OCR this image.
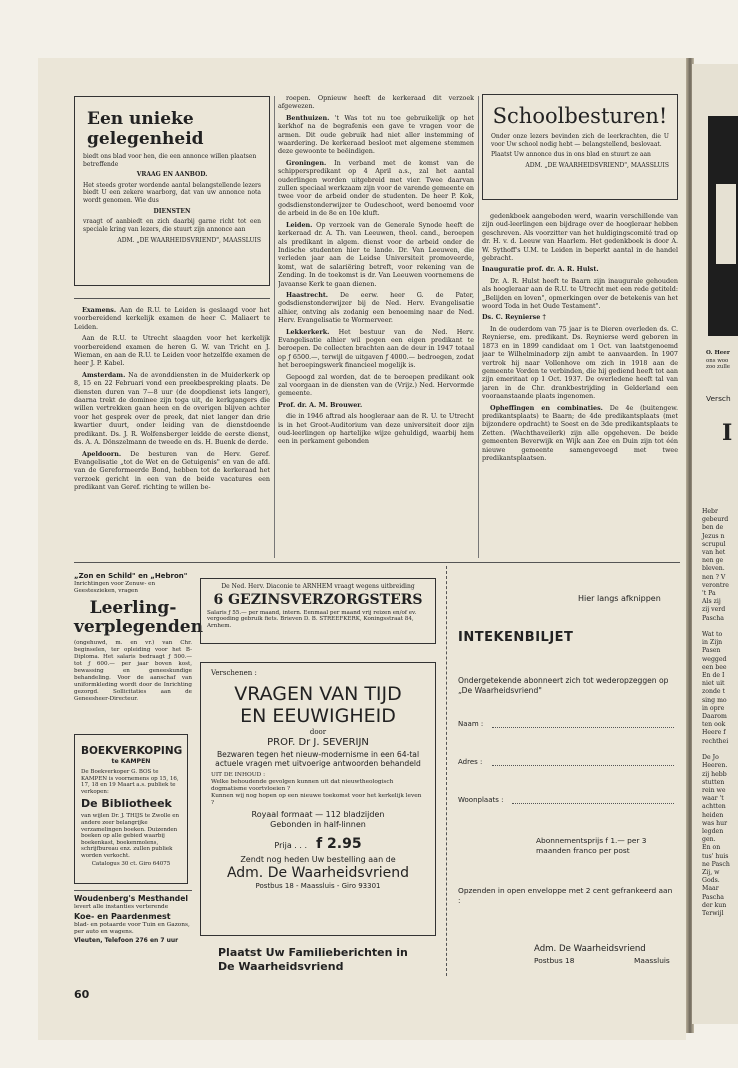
Een unieke gelegenheid
biedt ons blad voor hen, die een annonce willen plaatsen betreffende
VRAAG EN AANBOD.
Het steeds groter wordende aantal belangstellende lezers biedt U een zekere waarborg, dat van uw annonce nota wordt genomen. Wie dus
DIENSTEN
vraagt of aanbiedt en zich daarbij garne richt tot een speciale kring van lezers, die stuurt zijn annonce aan
ADM. „DE WAARHEIDSVRIEND", MAASSLUIS

Examens. Aan de R.U. te Leiden is geslaagd voor het voorbereidend kerkelijk examen de heer C. Maliaert te Leiden.

Aan de R.U. te Utrecht slaagden voor het kerkelijk voorbereidend examen de heren G. W. van Tricht en J. Wieman, en aan de R.U. te Leiden voor hetzelfde examen de heer J. P. Kabel.

Amsterdam. Na de avonddiensten in de Muiderkerk op 8, 15 en 22 Februari vond een preekbespreking plaats. De diensten duren van 7—8 uur (de doopdienst iets langer), daarna trekt de dominee zijn toga uit, de kerkgangers die willen vertrekken gaan heen en de overigen blijven achter voor het gesprek over de preek, dat niet langer dan drie kwartier duurt, onder leiding van de dienstdoende predikant. Ds. J. R. Wolfensberger leidde de eerste dienst, ds. A. A. Dönszelmann de tweede en ds. H. Buenk de derde.

Apeldoorn. De besturen van de Herv. Geref. Evangelisatie „tot de Wet en de Getuigenis" en van de afd. van de Gereformeerde Bond, hebben tot de kerkeraad het verzoek gericht in een van de beide vacatures een predikant van Geref. richting te willen be-

roepen. Opnieuw heeft de kerkeraad dit verzoek afgewezen.

Benthuizen. 't Was tot nu toe gebruikelijk op het kerkhof na de begrafenis een gave te vragen voor de armen. Dit oude gebruik had niet aller instemming of waardering. De kerkeraad besloot met algemene stemmen deze gewoonte te beëindigen.

Groningen. In verband met de komst van de schipperspredikant op 4 April a.s., zal het aantal ouderlingen worden uitgebreid met vier. Twee daarvan zullen speciaal werkzaam zijn voor de varende gemeente en twee voor de arbeid onder de studenten. De heer P. Kok, godsdienstonderwijzer te Oudeschoot, werd benoemd voor de arbeid in de 8e en 10e kluft.

Leiden. Op verzoek van de Generale Synode heeft de kerkeraad dr. A. Th. van Leeuwen, theol. cand., beroepen als predikant in algem. dienst voor de arbeid onder de Indische studenten hier te lande. Dr. Van Leeuwen, die verleden jaar aan de Leidse Universiteit promoveerde, komt, wat de salariëring betreft, voor rekening van de Zending. In de toekomst is dr. Van Leeuwen voornemens de Javaanse Kerk te gaan dienen.

Haastrecht. De eerw. heer G. de Pater, godsdienstonderwijzer bij de Ned. Herv. Evangelisatie alhier, ontving als zodanig een benoeming naar de Ned. Herv. Evangelisatie te Wormerveer.

Lekkerkerk. Het bestuur van de Ned. Herv. Evangelisatie alhier wil pogen een eigen predikant te beroepen. De collecten brachten aan de deur in 1947 totaal op ƒ 6500.—, terwijl de uitgaven ƒ 4000.— bedroegen, zodat het beroepingswerk financieel mogelijk is.

Gepoogd zal worden, dat de te beroepen predikant ook zal voorgaan in de diensten van de (Vrijz.) Ned. Hervormde gemeente.

Prof. dr. A. M. Brouwer.

die in 1946 aftrad als hoogleraar aan de R. U. te Utrecht is in het Groot-Auditorium van deze universiteit door zijn oud-leerlingen op hartelijke wijze gehuldigd, waarbij hem een in perkament gebonden

Schoolbesturen!
Onder onze lezers bevinden zich de leerkrachten, die U voor Uw school nodig hebt — belangstellend, beslovaat.
Plaatst Uw annonce dus in ons blad en stuurt ze aan
ADM. „DE WAARHEIDSVRIEND", MAASSLUIS

gedenkboek aangeboden werd, waarin verschillende van zijn oud-leerlingen een bijdrage over de hoogleraar hebben geschreven. Als voorzitter van het huldigingscomité trad op dr. H. v. d. Leeuw van Haarlem. Het gedenkboek is door A. W. Sythoff's U.M. te Leiden in beperkt aantal in de handel gebracht.

Inauguratie prof. dr. A. R. Hulst.

Dr. A. R. Hulst heeft te Baarn zijn inaugurale gehouden als hoogleraar aan de R.U. te Utrecht met een rede getiteld: „Belijden en loven", opmerkingen over de betekenis van het woord Toda in het Oude Testament".

Ds. C. Reynierse †

In de ouderdom van 75 jaar is te Dieren overleden ds. C. Reynierse, em. predikant. Ds. Reynierse werd geboren in 1873 en in 1899 candidaat om 1 Oct. van laatstgenoemd jaar te Wilhelminadorp zijn ambt te aanvaarden. In 1907 vertrok hij naar Vollenhove om zich in 1918 aan de gemeente Vorden te verbinden, die hij gediend heeft tot aan zijn emeritaat op 1 Oct. 1937. De overledene heeft tal van jaren in de Chr. drankbestrijding in Gelderland een vooraanstaande plaats ingenomen.

Opheffingen en combinaties. De 4e (buitengew. predikantsplaats) te Baarn; de 4de predikantsplaats (met bijzondere opdracht) te Soest en de 3de predikantsplaats te Zetten. (Wachthaveilerk) zijn alle opgeheven. De beide gemeenten Beverwijk en Wijk aan Zee en Duin zijn tot één nieuwe gemeente samengevoegd met twee predikantsplaatsen.

„Zon en Schild" en „Hebron"
Inrichtingen voor Zenuw- en Geesteszieken, vragen
Leerling-
verplegenden
(ongehuwd, m. en vr.) van Chr. beginselen, ter opleiding voor het B-Diploma. Het salaris bedraagt ƒ 500.— tot ƒ 600.— per jaar boven kost, bewassing en geneeskundige behandeling. Voor de aanschaf van uniformkleding wordt door de Inrichting gezorgd. Sollicitaties aan de Geneesheer-Directeur.
BOEKVERKOPING
te KAMPEN
De Boekverkoper G. BOS te KAMPEN is voornemens op 15, 16, 17, 18 en 19 Maart a.s. publiek te verkopen:
De Bibliotheek
van wijlen Dr. J. THIJS te Zwolle en andere zeer belangrijke verzamelingen boeken. Duizenden boeken op alle gebied waarbij boekenkast, boekenmolens, schrijfbureau enz. zullen publiek worden verkocht.
Catalogus 30 ct. Giro 64075
Woudenberg's Mesthandel
levert alle instanties verterende
Koe- en Paardenmest
blad- en potaarde voor Tuin en Gazons, per auto en wagens.
Vleuten, Telefoon 276 en 7 uur
60
De Ned. Herv. Diaconie te ARNHEM vraagt wegens uitbreiding
6 GEZINSVERZORGSTERS
Salaris ƒ 55.— per maand, intern. Eenmaal per maand vrij reizen en/of ev. vergoeding gebruik fiets. Brieven D. B. STREEFKERK, Koningsstraat 84, Arnhem.
Verschenen :
VRAGEN VAN TIJD
EN EEUWIGHEID
door
PROF. Dr J. SEVERIJN
Bezwaren tegen het nieuw-modernisme in een 64-tal actuele vragen met uitvoerige antwoorden behandeld
UIT DE INHOUD :
Welke behoudende gevolgen kunnen uit dat nieuwtheologisch dogmatisme voortvloeien ?
Kunnen wij nog hopen op een nieuwe toekomst voor het kerkelijk leven ?
Royaal formaat — 112 bladzijden
Gebonden in half-linnen
Prija . . . f 2.95
Zendt nog heden Uw bestelling aan de
Adm. De Waarheidsvriend
Postbus 18 - Maassluis - Giro 93301
Plaatst Uw Familieberichten in
De Waarheidsvriend
Hier langs afknippen
INTEKENBILJET
Ondergetekende abonneert zich tot wederopzeggen op „De Waarheidsvriend"
Naam :
Adres :
Woonplaats :
Abonnementsprijs f 1.— per 3 maanden franco per post
Opzenden in open enveloppe met 2 cent gefrankeerd aan :
Adm. De Waarheidsvriend
Postbus 18	Maassluis
O. Heer
ons woo zoo zulle
Versch
I
Hebr
gebeurd
ben de
Jezus n
scrupul
van het
nen ge
bleven.
nen ? V
verontre
't Pa
Als zij
zij verd
Pascha

Wat to
in Zijn
Pasen
wegged
een bee
En de I
niet uit
zonde t
sing mo
in opre
Daarom
ten ook
Heere f
rechthei

De Jo
Heeren.
zij hebb
stutten
rein we
waar 't
achtten
heiden
was hur
legden
gen.
En on
tus' huis
ne Pasch
Zij, w
Gods.
Maar
Pascha
der kun
Terwijl
